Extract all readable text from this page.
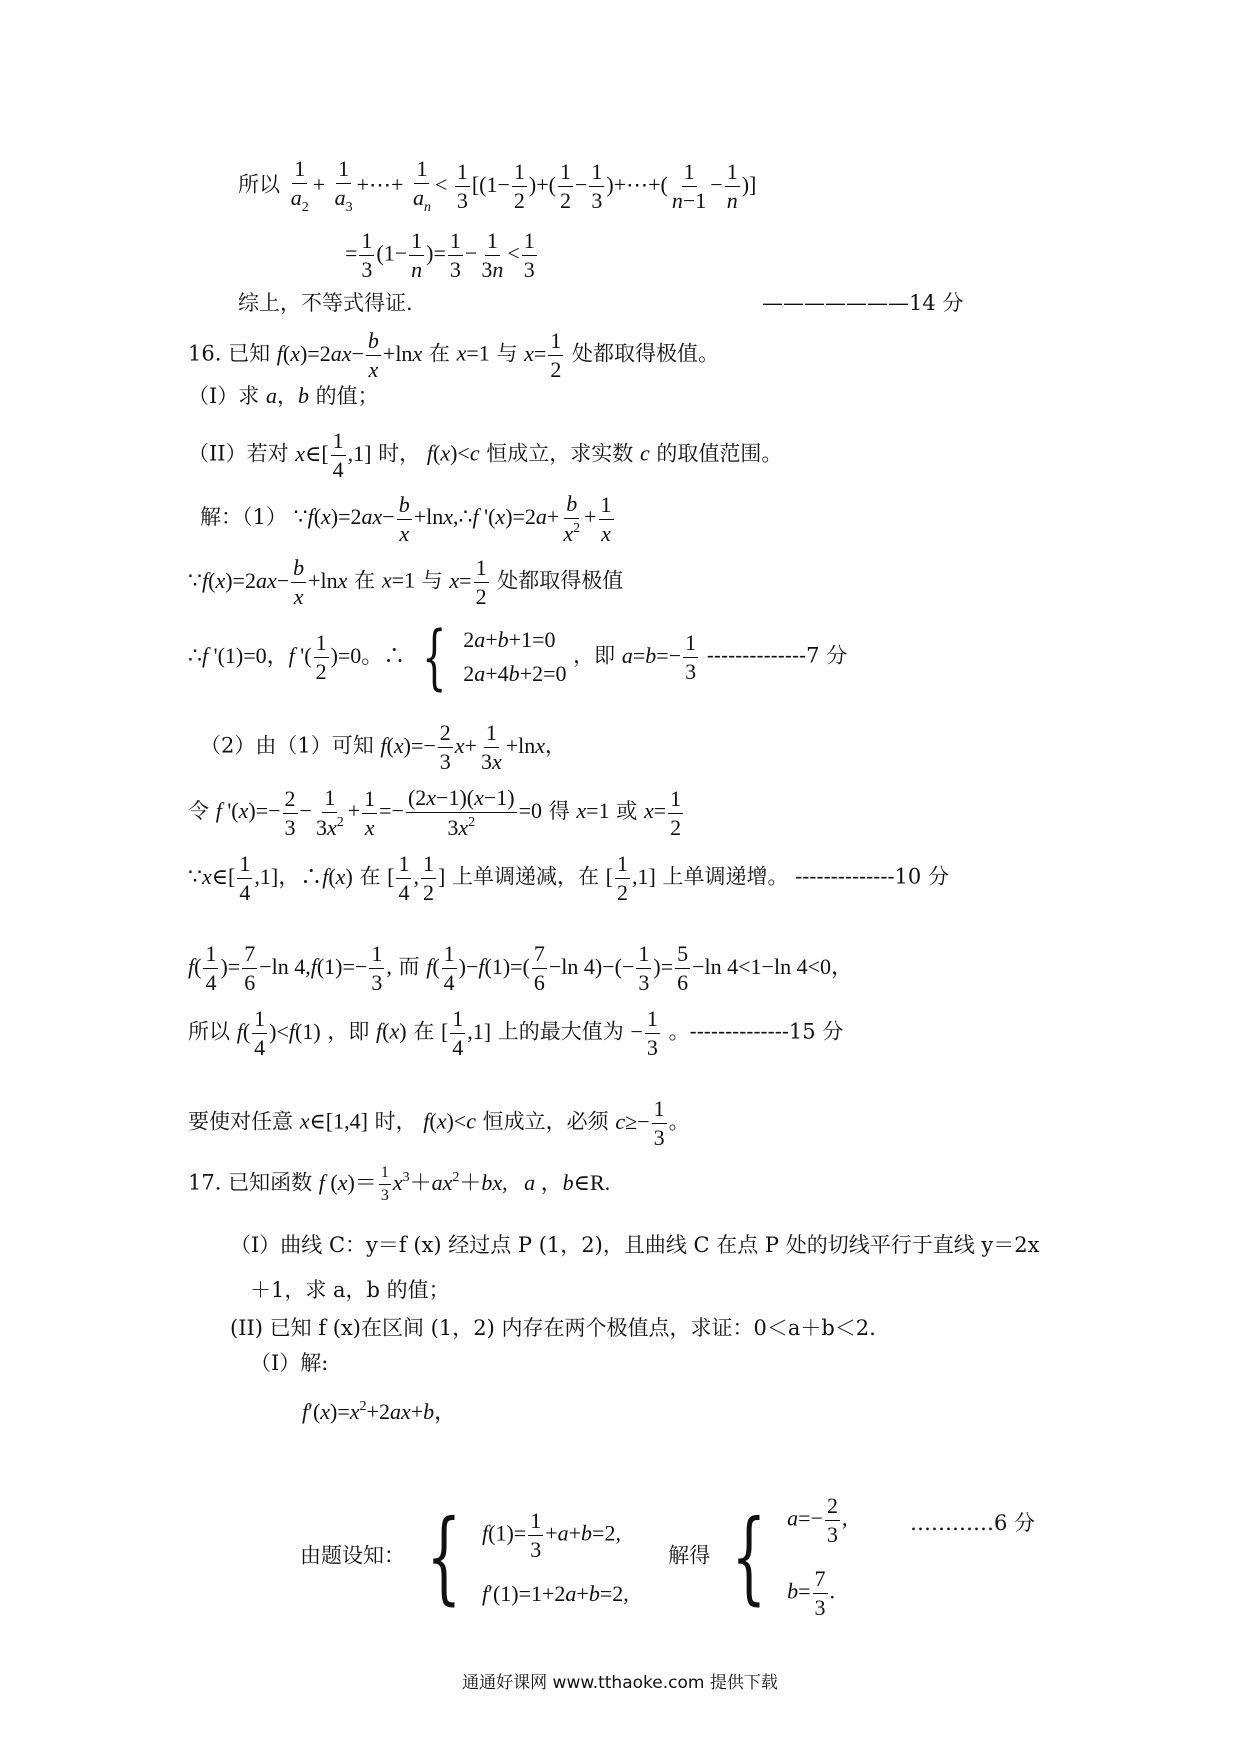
所以 $\frac{1}{a_2} + \frac{1}{a_3}$ +⋯+ $\frac{1}{a_n} < \frac{1}{3} [(1- \frac{1}{2}$ )+( $\frac{1}{2} - \frac{1}{3}$ )+⋯+( $\frac{1}{n-1} - \frac{1}{n}$ )]
= $\frac{1}{3} (1- \frac{1}{n}$ )= $\frac{1}{3} - \frac{1}{3n} < \frac{1}{3}$
综上，不等式得证.	———————14 分
16. 已知 $f(x)=2ax- \frac{b}{x} +\ln x$ 在 x=1 与 $x= \frac{1}{2}$ 处都取得极值。
（I）求 a，b 的值；
（II）若对 x∈[ $\frac{1}{4} ,1$] 时， f(x)<c 恒成立，求实数 c 的取值范围。
解：（1） ∵f(x)=2ax− $\frac{b}{x}$ +lnx,∴f '$(x)=2a+ \frac{b}{x^2} + \frac{1}{x}$
∵f(x)=2ax− $\frac{b}{x} +\ln x$ 在 x=1 与 $x= \frac{1}{2}$ 处都取得极值
∴f '(1)=0，f '( $\frac{1}{2} )=0$。∴ { 2a+b+1=0
2a+4b+2=0
，即 $a=b=- \frac{1}{3} --------------7$ 分
（2）由（1）可知 $f(x)=- \frac{2}{3} x+ \frac{1}{3x} +\ln x$，
令 f '$(x)=- \frac{2}{3} - \frac{1}{3x^2} + \frac{1}{x} =- \frac{(2x-1)(x-1)}{3x^2} =0$ 得 x=1 或 $x= \frac{1}{2}$
∵x∈[ $\frac{1}{4} ,1$]，∴f(x) 在 [ $\frac{1}{4}$ , $\frac{1}{2}$ ] 上单调递减，在 [ $\frac{1}{2} ,1$] 上单调递增。 --------------10 分
$f( \frac{1}{4}$ )= $\frac{7}{6} -\ln$ $4,f(1)=- \frac{1}{3}$ , 而 $f( \frac{1}{4} )-f(1)=( \frac{7}{6} -\ln$ $4)-(- \frac{1}{3}$ )= $\frac{5}{6} -\ln$ 4<1−ln 4<0，
所以 $f( \frac{1}{4} )<f(1)$ ，即 f(x) 在 [ $\frac{1}{4} ,1$] 上的最大值为 − $\frac{1}{3}$ 。--------------15 分
要使对任意 x∈[1,4] 时， f(x)<c 恒成立，必须 $c\ge- \frac{1}{3}$ 。
17. 已知函数 f $(x)= \frac{1}{3} x^3+ax^2+bx$,   a ，b∈R.
（I）曲线 C：y＝f (x) 经过点 P (1，2)，且曲线 C 在点 P 处的切线平行于直线 y＝2x
＋1，求 a，b 的值；
(II) 已知 f (x)在区间 (1，2) 内存在两个极值点，求证：0＜a＋b＜2.
（I）解:
$f'(x)=x^2+2ax+b$，
由题设知： { $f(1)= \frac{1}{3} +a+b=2$,
f′(1)=1+2a+b=2,
解得 { $a=- \frac{2}{3}$ ,
$b= \frac{7}{3}$ .
…………6 分
通通好课网 www.tthaoke.com 提供下载
